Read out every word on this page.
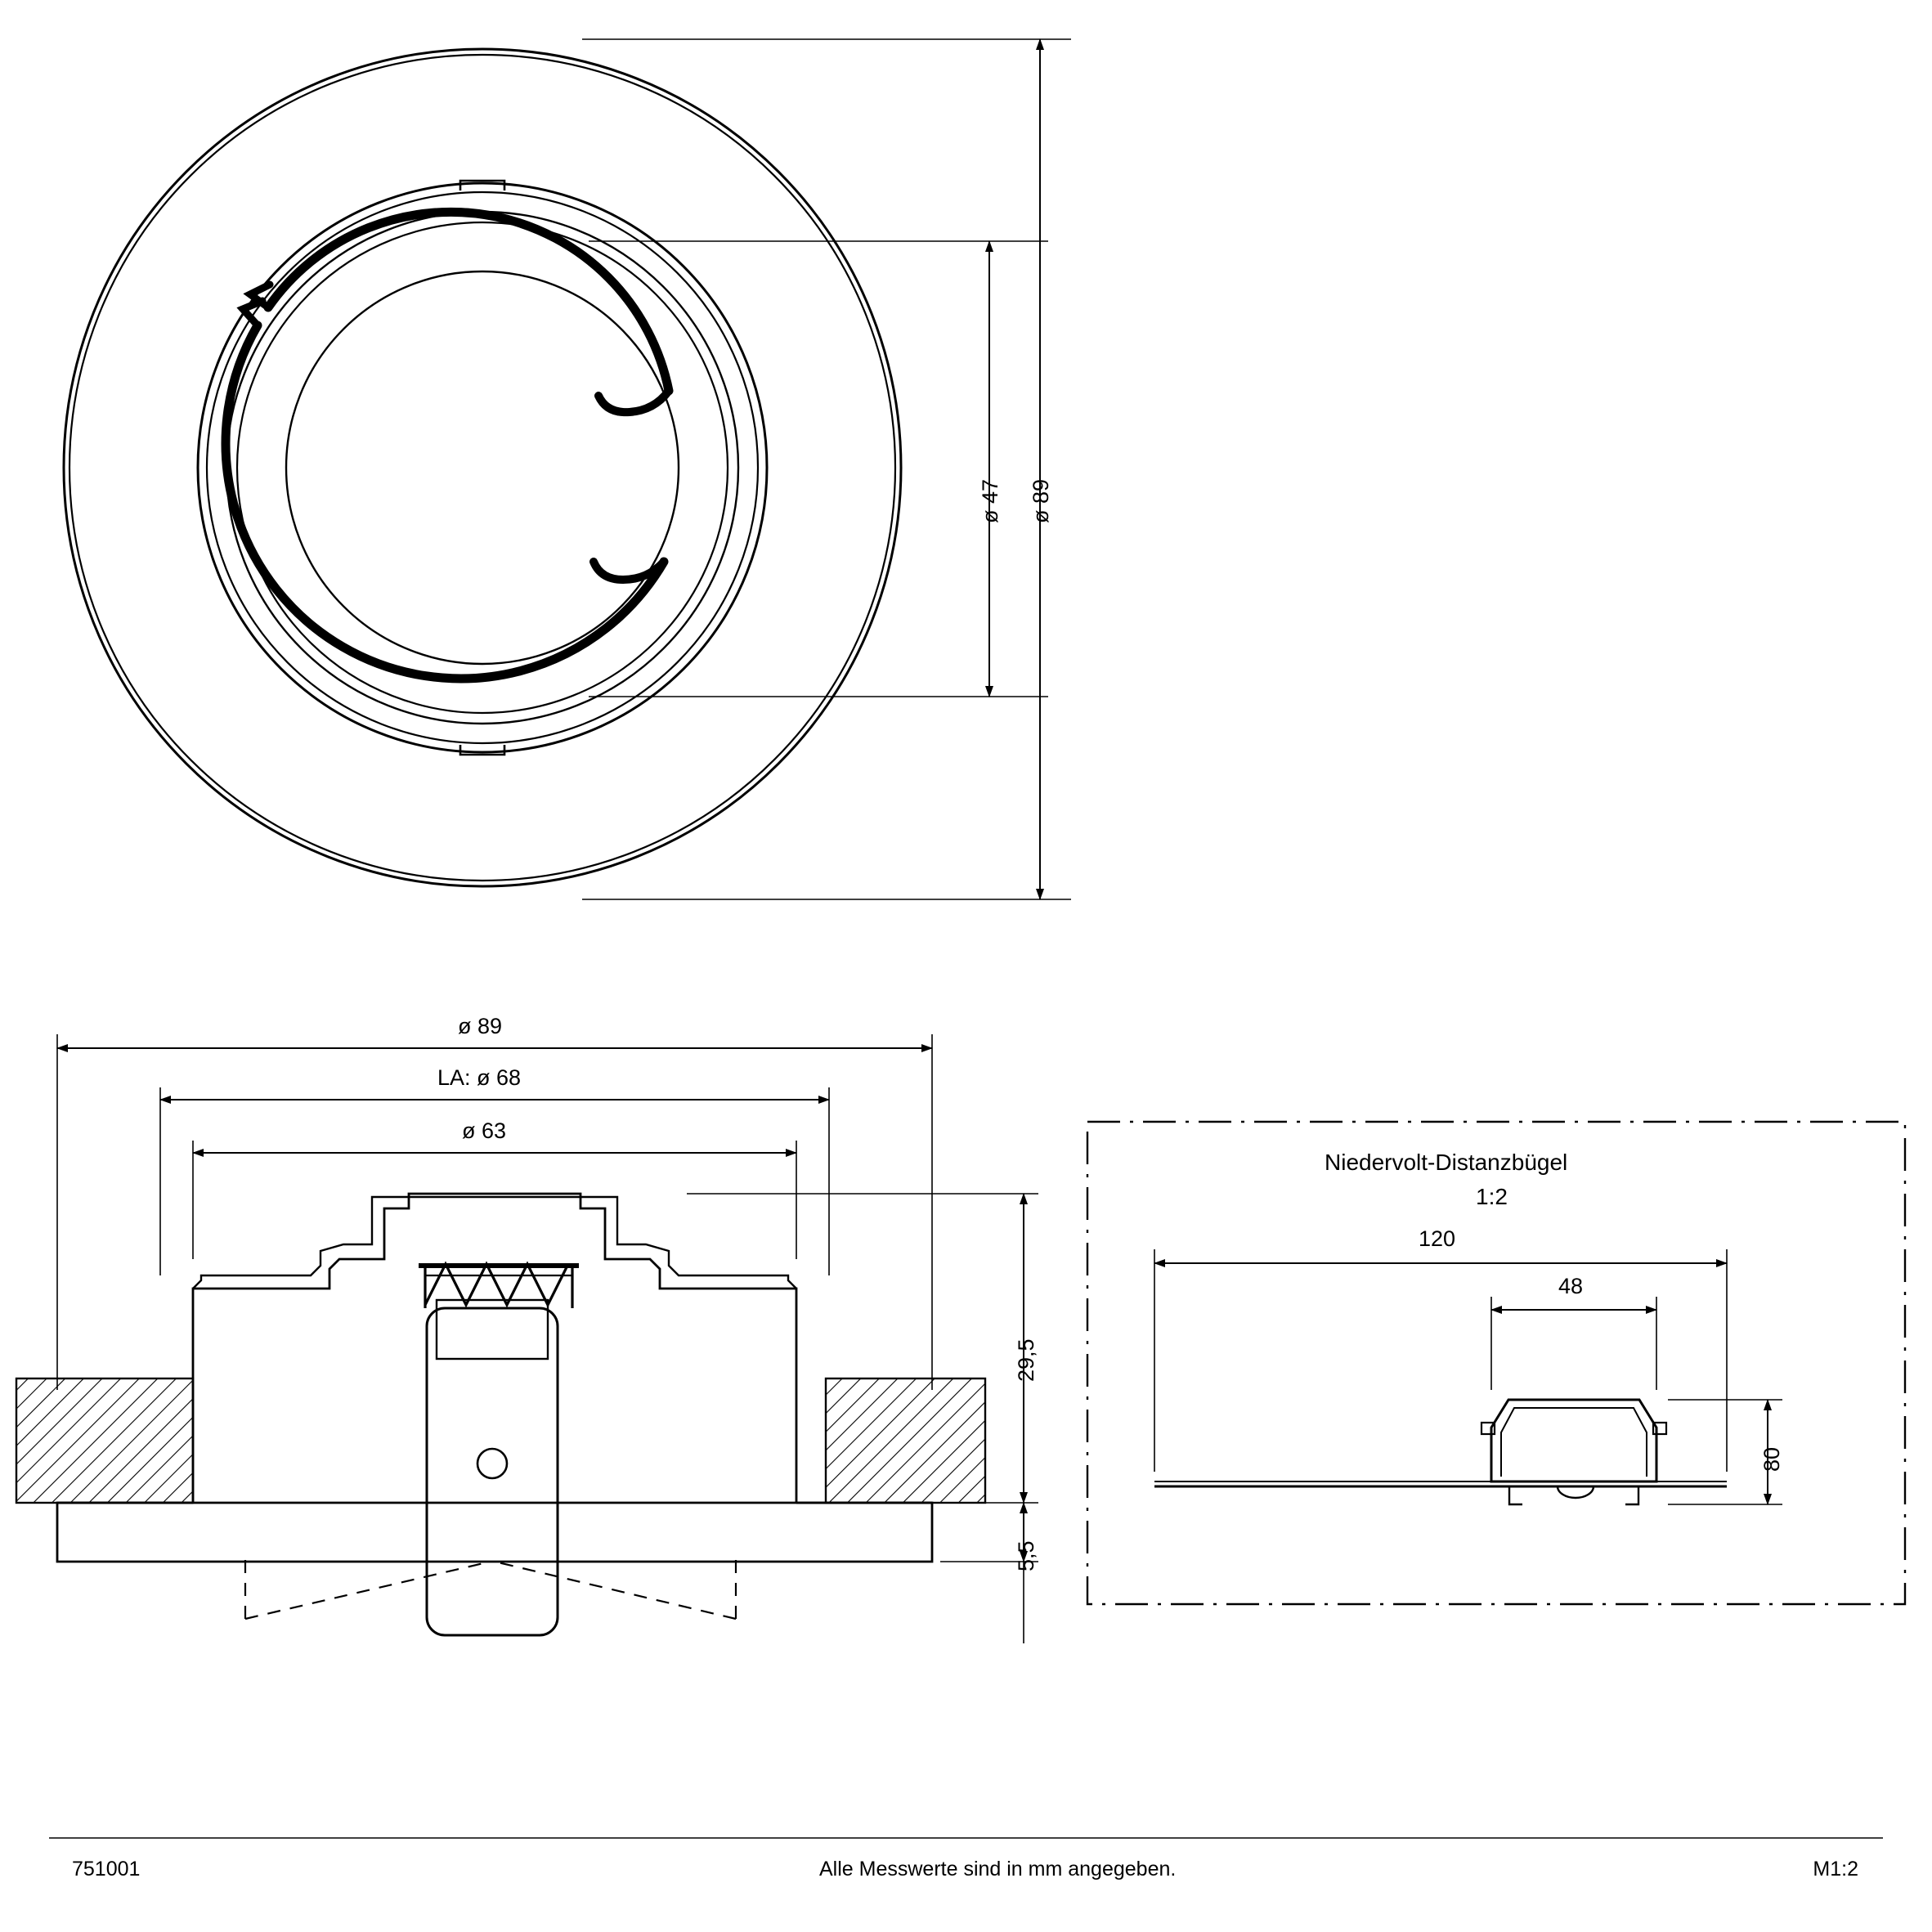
ø 47 ø 89
ø 89
LA: ø 68
ø 63
29,5
5,5
Niedervolt-Distanzbügel
1:2
120
48
80
751001	Alle Messwerte sind in mm angegeben.	M1:2
